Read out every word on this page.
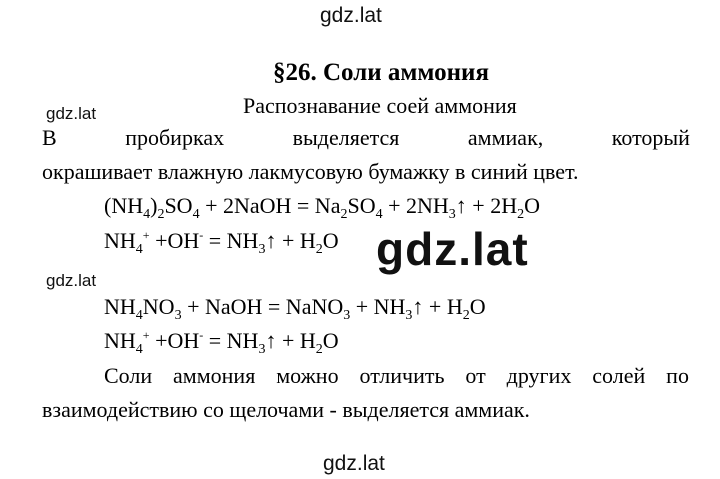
gdz.lat
gdz.lat
gdz.lat
gdz.lat
gdz.lat
§26. Соли аммония
Распознавание соей аммония
В	пробирках	выделяется	аммиак,	который
окрашивает влажную лакмусовую бумажку в синий цвет.
$(NH_4)_2SO_4$ + 2NaOH = $Na_2SO_4$ + $2NH_3↑ + 2H_2O$
$NH_4^+ +OH^-$ = $NH_3↑ + H_2O$
$NH_4NO_3$ + NaOH = NaNO$_3$ + $NH_3↑ + H_2O$
$NH_4^+ +OH^-$ = $NH_3↑ + H_2O$
Соли аммония можно отличить от других солей по
взаимодействию со щелочами - выделяется аммиак.
